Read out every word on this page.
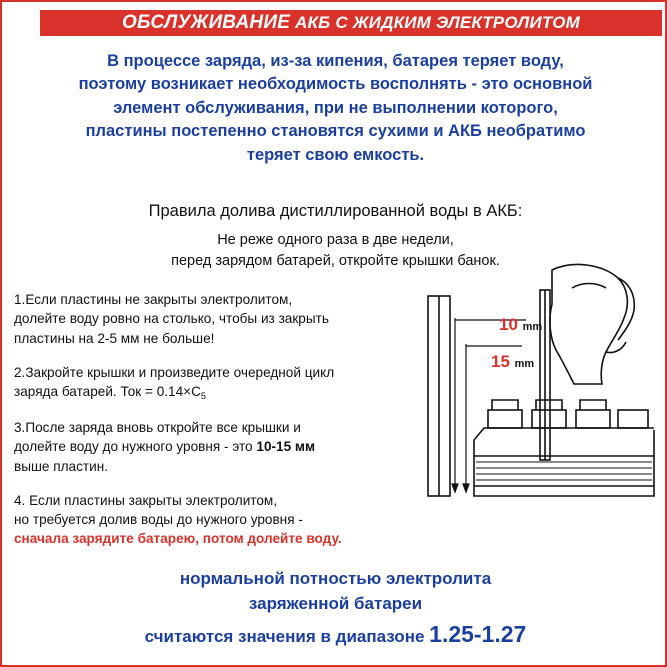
ОБСЛУЖИВАНИЕ
АКБ С ЖИДКИМ ЭЛЕКТРОЛИТОМ
В процессе заряда, из-за кипения, батарея теряет воду,
поэтому возникает необходимость восполнять - это основной
элемент обслуживания, при не выполнении которого,
пластины постепенно становятся сухими и АКБ необратимо
теряет свою емкость.
Правила долива дистиллированной воды в АКБ:
Не реже одного раза в две недели,
перед зарядом батарей, откройте крышки банок.
1.Если пластины не закрыты электролитом,
долейте воду ровно на столько, чтобы из закрыть
пластины на 2-5 мм не больше!
2.Закройте крышки и произведите очередной цикл
заряда батарей. Ток = $0.14\times C_5$
3.После заряда вновь откройте все крышки и
долейте воду до нужного уровня - это 10-15 мм
выше пластин.
4. Если пластины закрыты электролитом,
но требуется долив воды до нужного уровня -
сначала зарядите батарею, потом долейте воду.
10 mm
15 mm
нормальной потностью электролита
заряженной батареи
считаются значения в диапазоне 1.25-1.27
